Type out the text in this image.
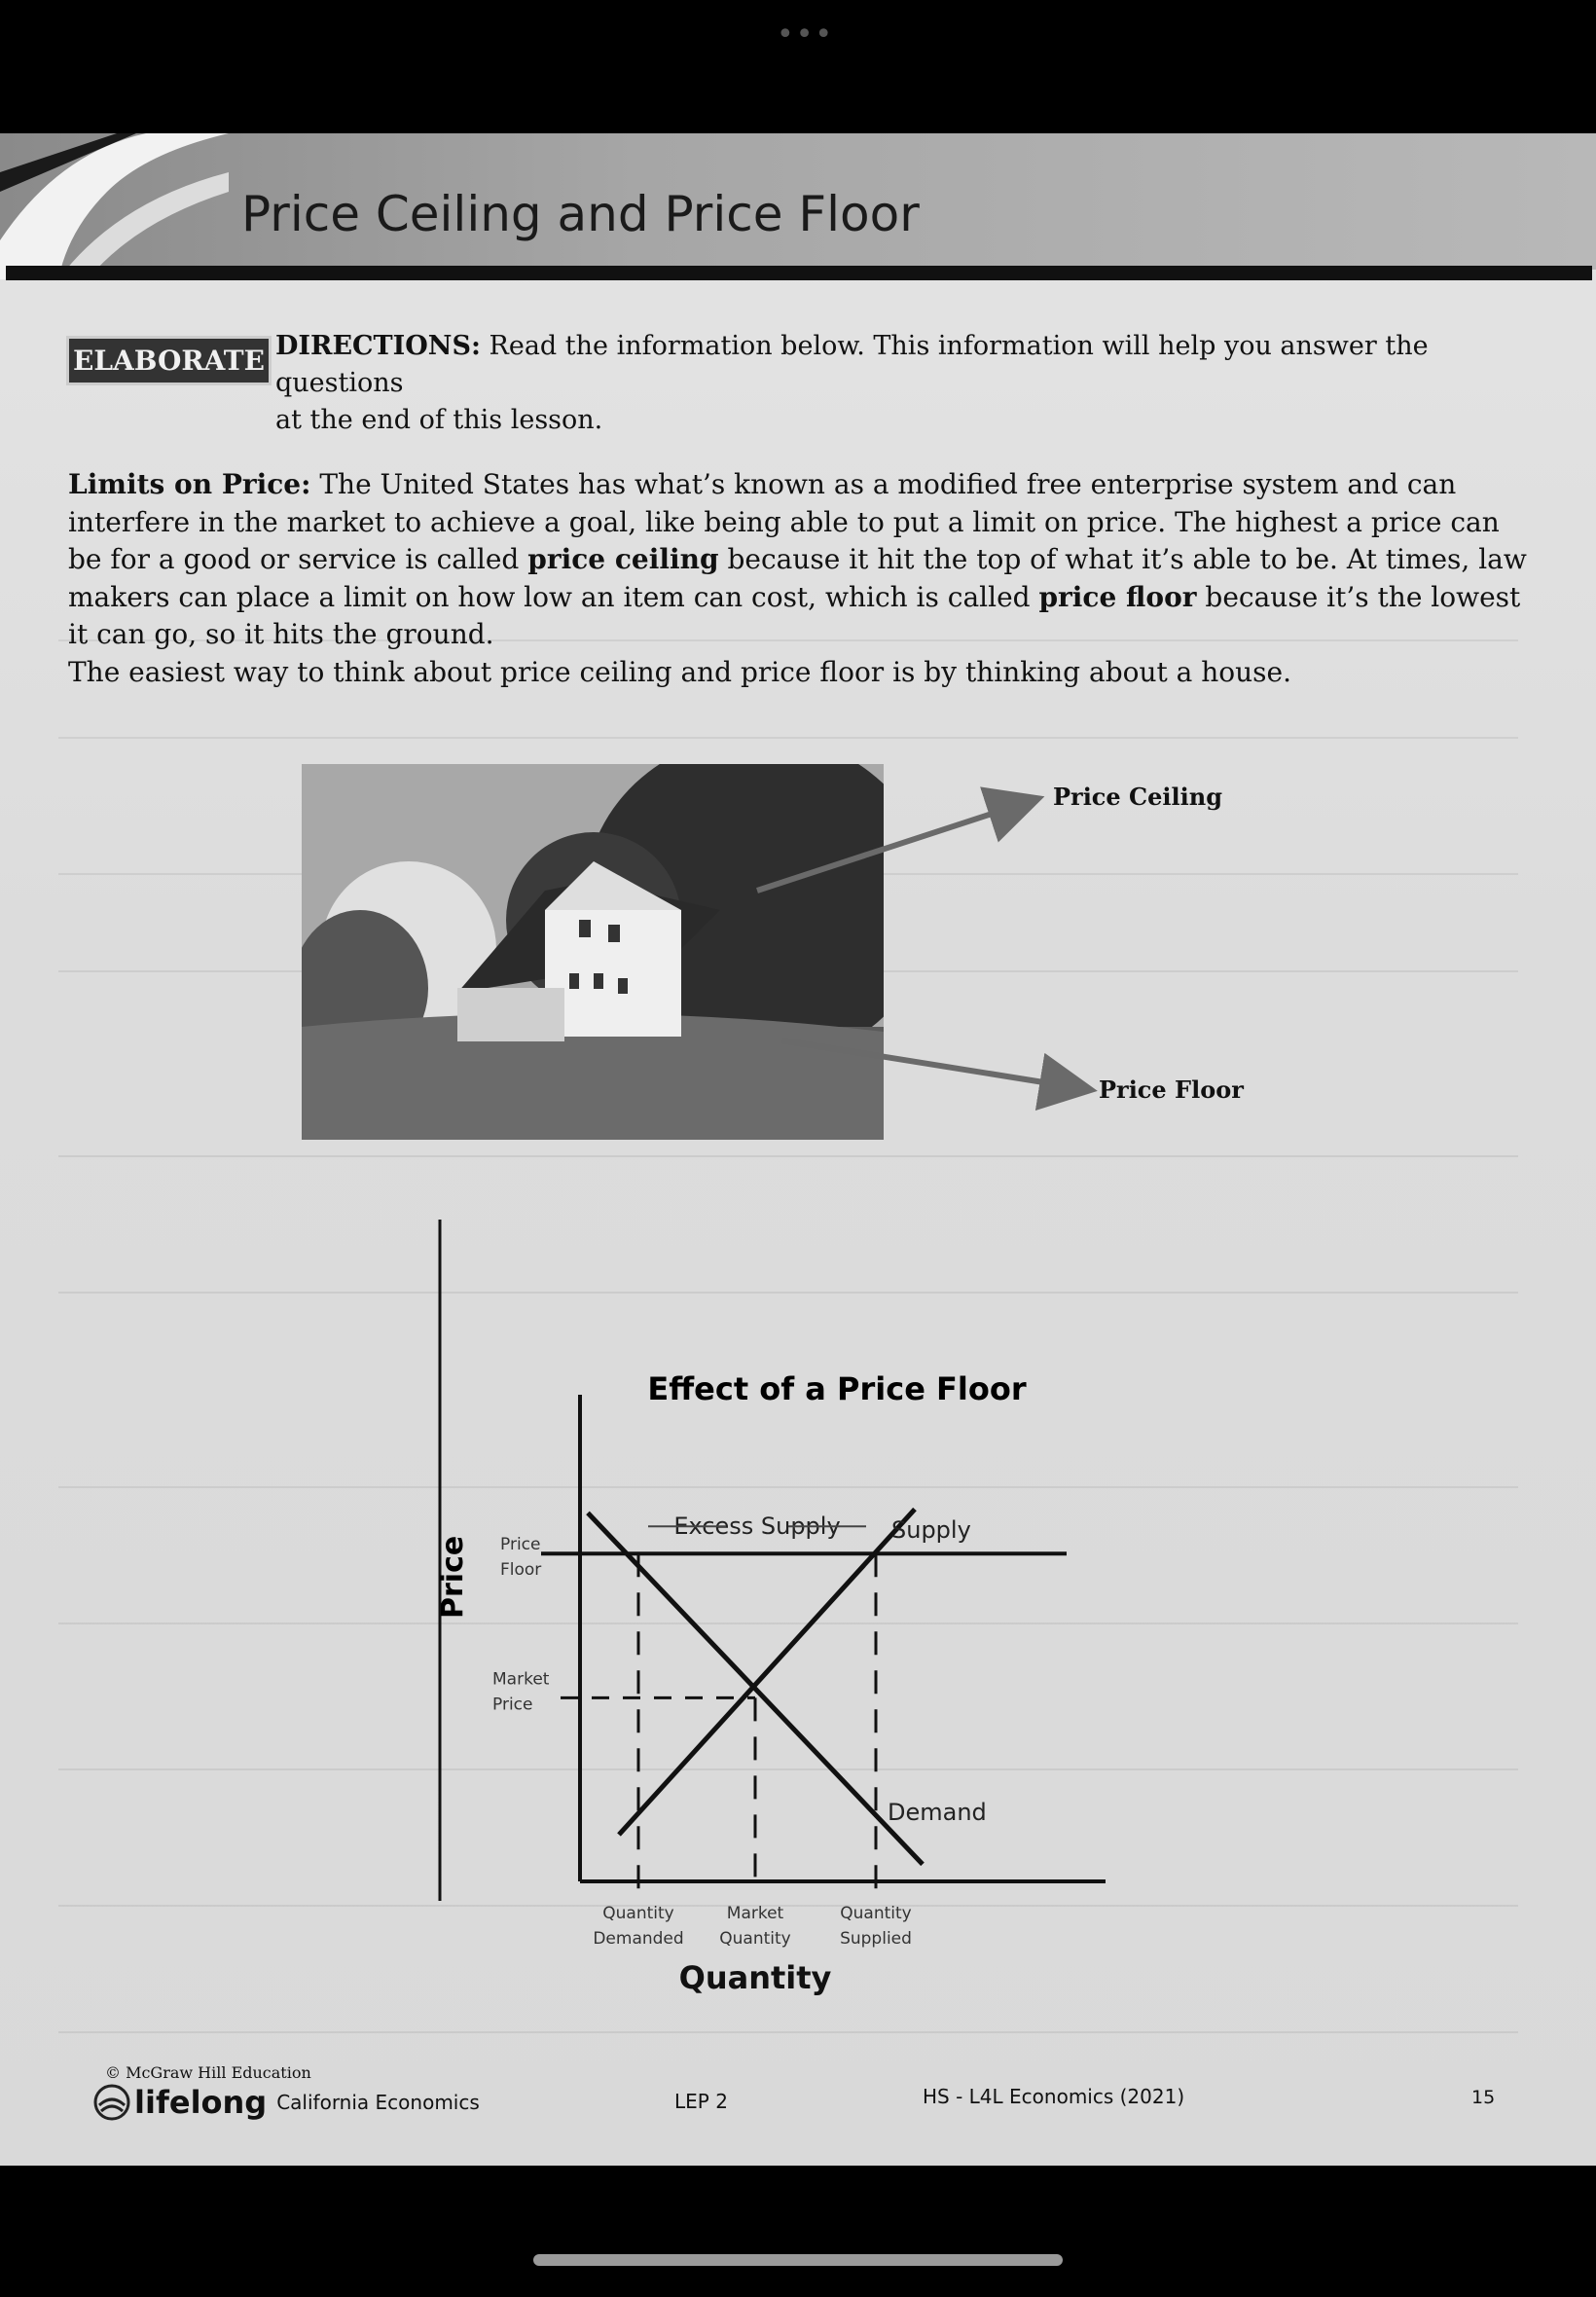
•••
Price Ceiling and Price Floor
ELABORATE DIRECTIONS: Read the information below. This information will help you answer the questions
at the end of this lesson.
Limits on Price: The United States has what’s known as a modified free enterprise system and can interfere in the market to achieve a goal, like being able to put a limit on price. The highest a price can be for a good or service is called price ceiling because it hit the top of what it’s able to be. At times, law makers can place a limit on how low an item can cost, which is called price floor because it’s the lowest it can go, so it hits the ground.
The easiest way to think about price ceiling and price floor is by thinking about a house.
Price Ceiling
Price Floor
Price
Effect of a Price Floor
Price
Floor
Market
Price
Excess Supply Supply
Demand
Quantity
Demanded
Market
Quantity
Quantity
Supplied
Quantity
© McGraw Hill Education
lifelong California Economics	LEP 2	HS - L4L Economics (2021)	15
